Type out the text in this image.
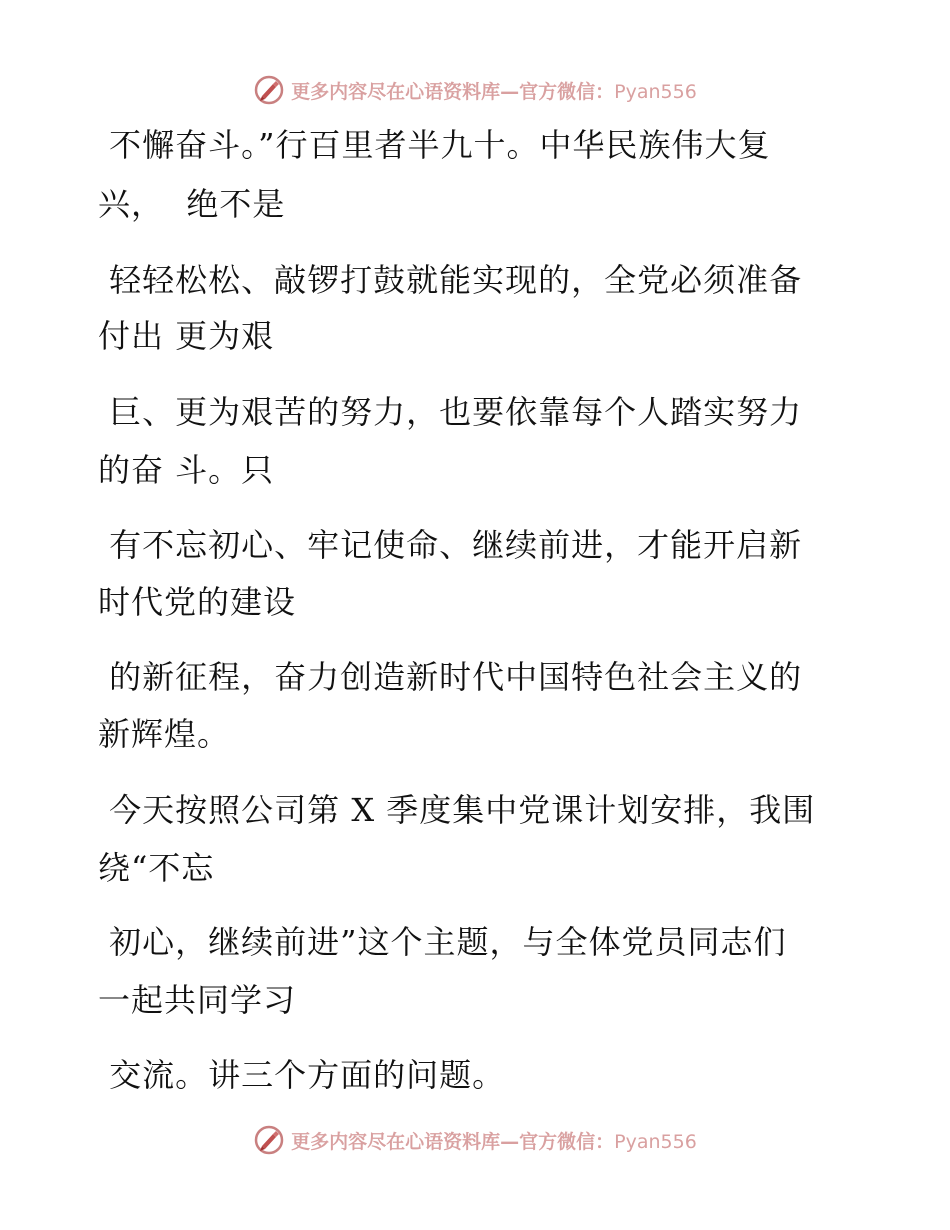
更多内容尽在心语资料库—官方微信：Pyan556
不懈奋斗。”行百里者半九十。中华民族伟大复
兴，  绝不是
轻轻松松、敲锣打鼓就能实现的，全党必须准备
付出 更为艰
巨、更为艰苦的努力，也要依靠每个人踏实努力
的奋 斗。只
有不忘初心、牢记使命、继续前进，才能开启新
时代党的建设
的新征程，奋力创造新时代中国特色社会主义的
新辉煌。
今天按照公司第 X 季度集中党课计划安排，我围
绕“不忘
初心，继续前进”这个主题，与全体党员同志们
一起共同学习
交流。讲三个方面的问题。
更多内容尽在心语资料库—官方微信：Pyan556
